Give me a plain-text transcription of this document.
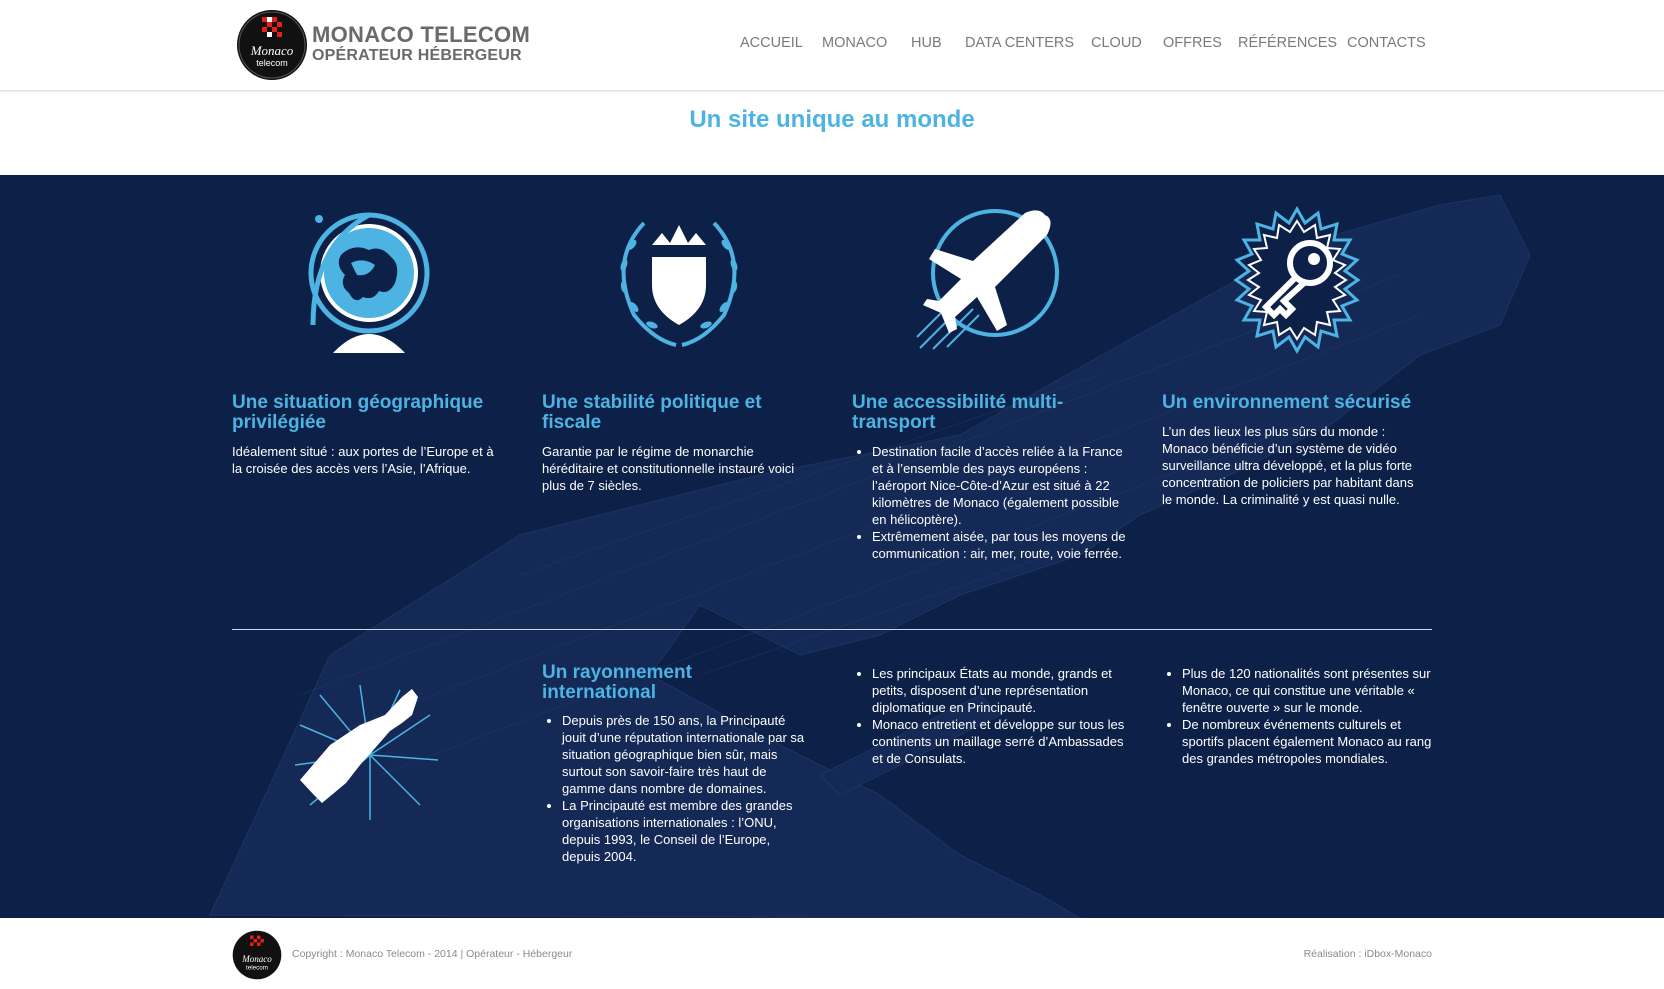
Monaco
telecom
MONACO TELECOM
OPÉRATEUR HÉBERGEUR
ACCUEIL MONACO HUB DATA CENTERS CLOUD OFFRES RÉFÉRENCES CONTACTS
Un site unique au monde
Une situation géographique privilégiée
Idéalement situé : aux portes de l’Europe et à la croisée des accès vers l’Asie, l’Afrique.
Une stabilité politique et fiscale
Garantie par le régime de monarchie héréditaire et constitutionnelle instauré voici plus de 7 siècles.
Une accessibilité multi-transport
• Destination facile d’accès reliée à la France et à l’ensemble des pays européens : l’aéroport Nice-Côte-d’Azur est situé à 22 kilomètres de Monaco (également possible en hélicoptère).
• Extrêmement aisée, par tous les moyens de communication : air, mer, route, voie ferrée.
Un environnement sécurisé
L’un des lieux les plus sûrs du monde : Monaco bénéficie d’un système de vidéo surveillance ultra développé, et la plus forte concentration de policiers par habitant dans le monde. La criminalité y est quasi nulle.
Un rayonnement international
• Depuis près de 150 ans, la Principauté jouit d’une réputation internationale par sa situation géographique bien sûr, mais surtout son savoir-faire très haut de gamme dans nombre de domaines.
• La Principauté est membre des grandes organisations internationales : l’ONU, depuis 1993, le Conseil de l’Europe, depuis 2004.
• Les principaux États au monde, grands et petits, disposent d’une représentation diplomatique en Principauté.
• Monaco entretient et développe sur tous les continents un maillage serré d’Ambassades et de Consulats.
• Plus de 120 nationalités sont présentes sur Monaco, ce qui constitue une véritable « fenêtre ouverte » sur le monde.
• De nombreux événements culturels et sportifs placent également Monaco au rang des grandes métropoles mondiales.
Monaco
telecom
Copyright : Monaco Telecom - 2014 | Opérateur - Hébergeur	Réalisation : iDbox-Monaco
